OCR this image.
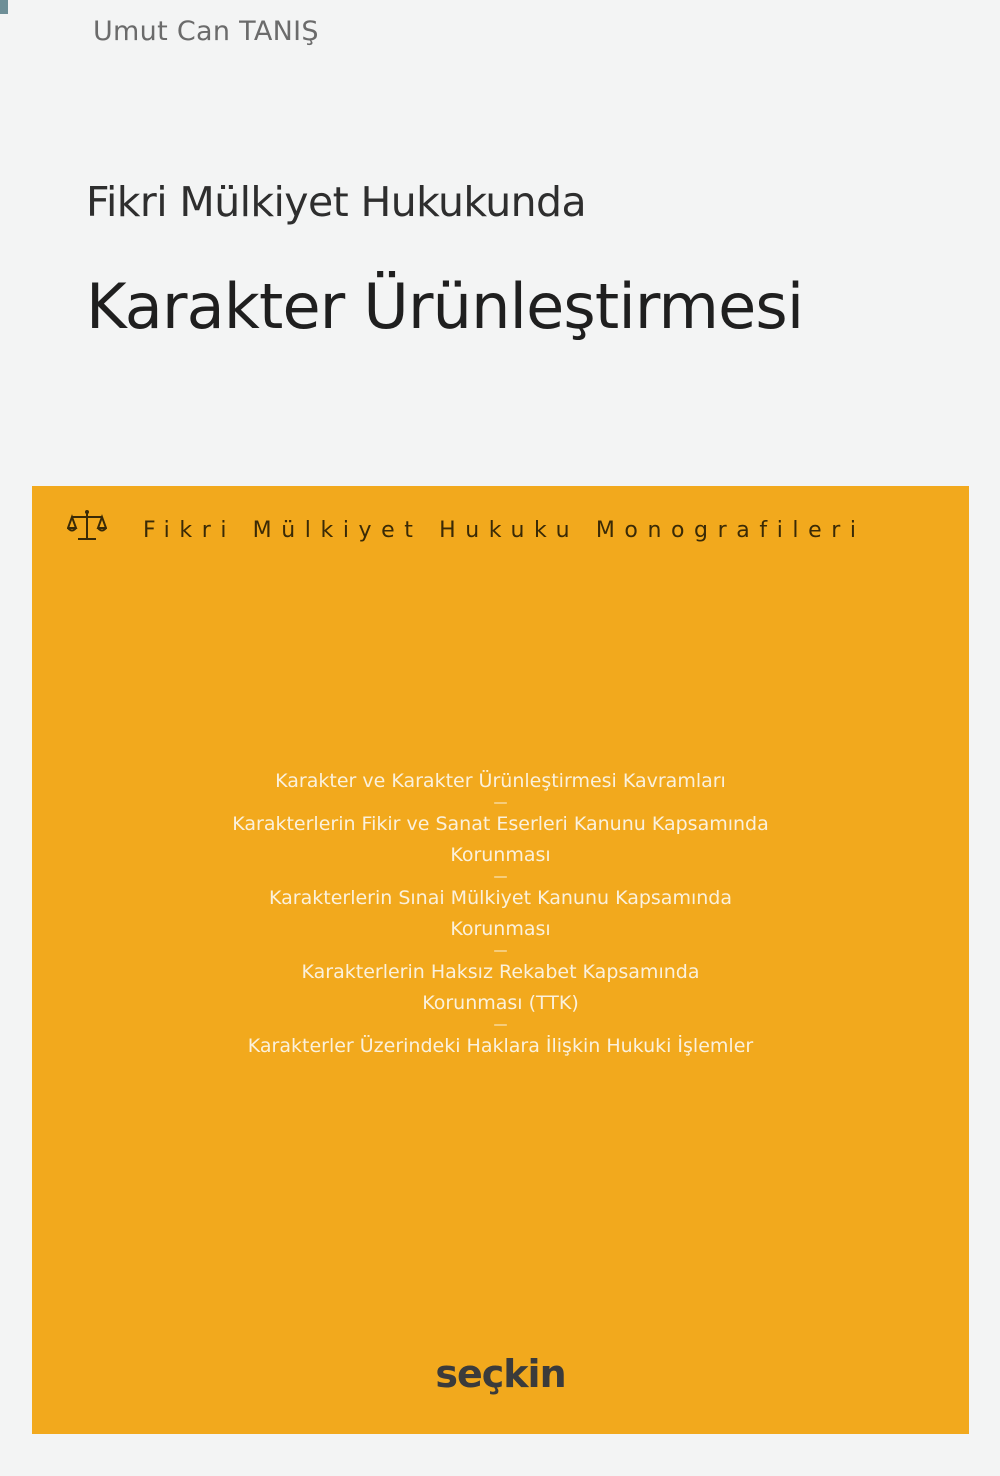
Umut Can TANIŞ
Fikri Mülkiyet Hukukunda
Karakter Ürünleştirmesi
Fikri Mülkiyet Hukuku Monografileri
Karakter ve Karakter Ürünleştirmesi Kavramları
—
Karakterlerin Fikir ve Sanat Eserleri Kanunu Kapsamında Korunması
—
Karakterlerin Sınai Mülkiyet Kanunu Kapsamında Korunması
—
Karakterlerin Haksız Rekabet Kapsamında Korunması (TTK)
—
Karakterler Üzerindeki Haklara İlişkin Hukuki İşlemler
seçkin
